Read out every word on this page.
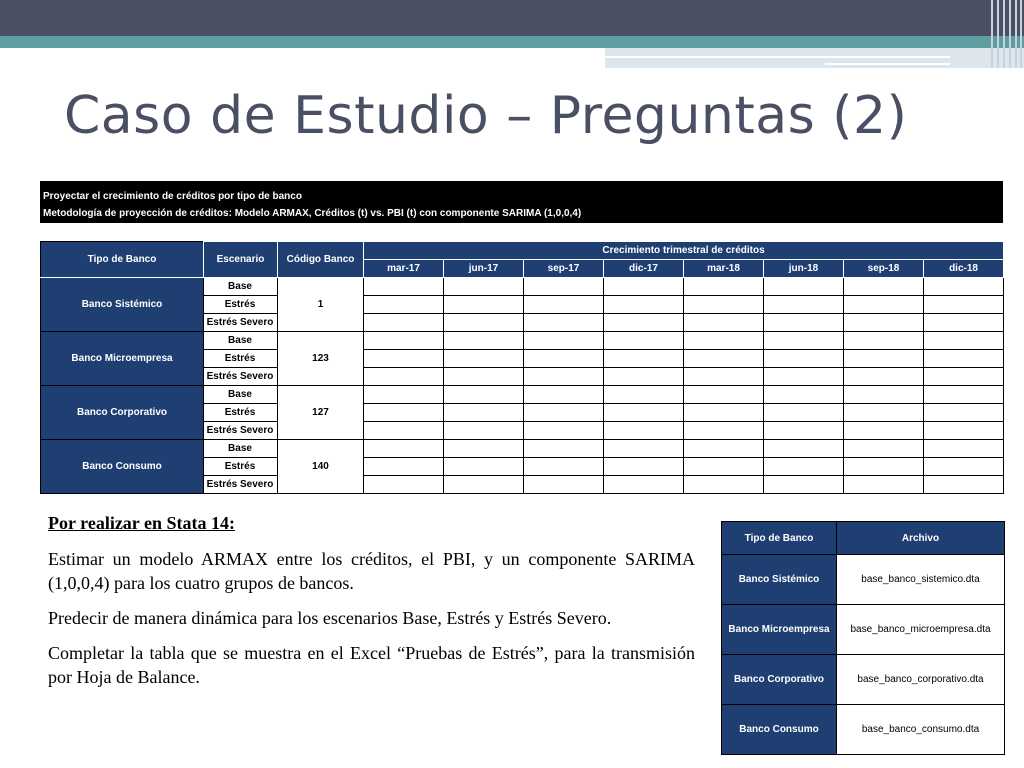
Caso de Estudio – Preguntas (2)
Proyectar el crecimiento de créditos por tipo de banco
Metodología de proyección de créditos: Modelo ARMAX, Créditos (t) vs. PBI (t) con componente SARIMA (1,0,0,4)
Tipo de Banco	Escenario	Código Banco	Crecimiento trimestral de créditos							
			mar-17	jun-17	sep-17	dic-17	mar-18	jun-18	sep-18	dic-18
Banco Sistémico	Base	1								
	Estrés									
	Estrés Severo									
Banco Microempresa	Base	123								
	Estrés									
	Estrés Severo									
Banco Corporativo	Base	127								
	Estrés									
	Estrés Severo									
Banco Consumo	Base	140								
	Estrés									
	Estrés Severo									
Por realizar en Stata 14:

Estimar un modelo ARMAX entre los créditos, el PBI, y un componente SARIMA (1,0,0,4) para los cuatro grupos de bancos.

Predecir de manera dinámica para los escenarios Base, Estrés y Estrés Severo.

Completar la tabla que se muestra en el Excel “Pruebas de Estrés”, para la transmisión por Hoja de Balance.

Tipo de Banco	Archivo
Banco Sistémico	base_banco_sistemico.dta
Banco Microempresa	base_banco_microempresa.dta
Banco Corporativo	base_banco_corporativo.dta
Banco Consumo	base_banco_consumo.dta
